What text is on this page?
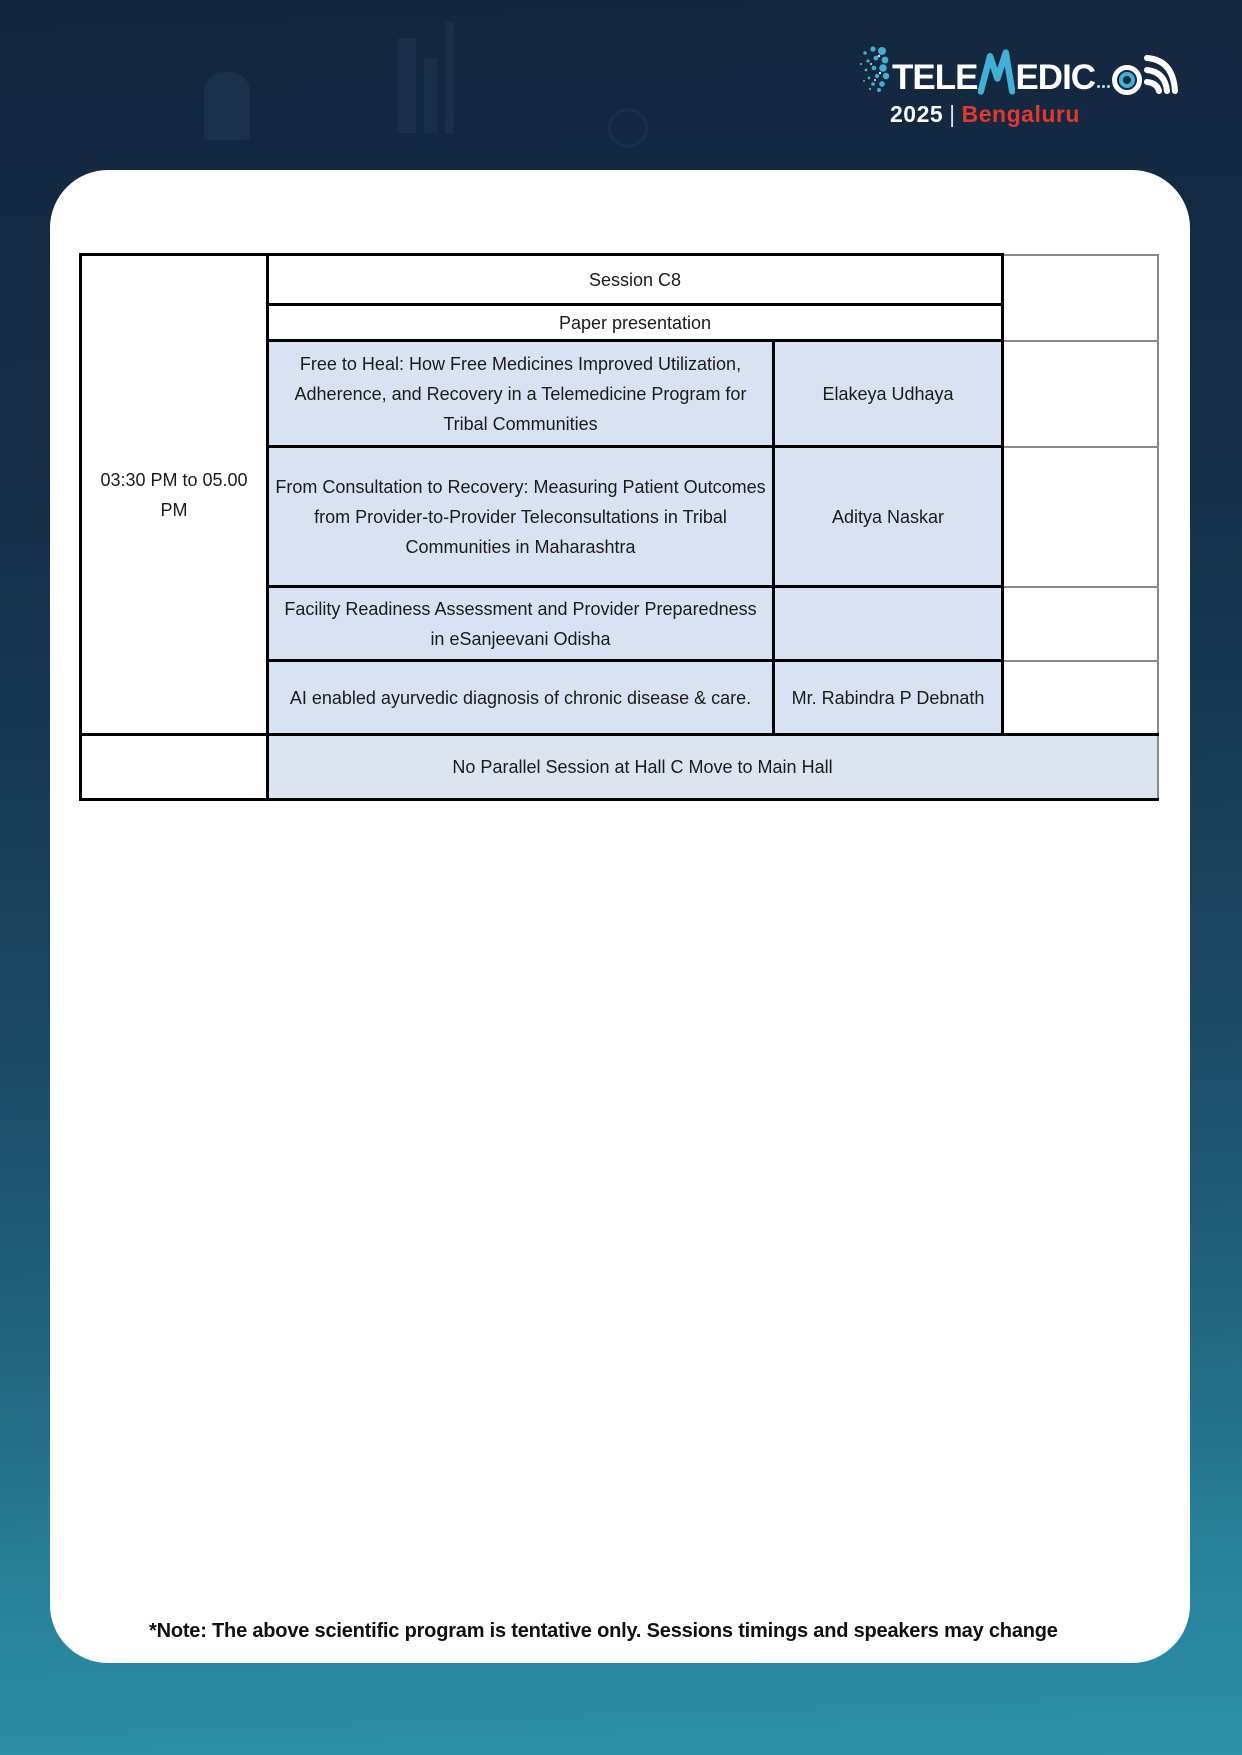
TELE EDIC
2025 | Bengaluru
03:30 PM to 05.00 PM	Session C8		
	Paper presentation		
	Free to Heal: How Free Medicines Improved Utilization, Adherence, and Recovery in a Telemedicine Program for Tribal Communities	Elakeya Udhaya	
	From Consultation to Recovery: Measuring Patient Outcomes from Provider-to-Provider Teleconsultations in Tribal Communities in Maharashtra	Aditya Naskar	
	Facility Readiness Assessment and Provider Preparedness in eSanjeevani Odisha		
	AI enabled ayurvedic diagnosis of chronic disease & care.	Mr. Rabindra P Debnath	

	No Parallel Session at Hall C Move to Main Hall		
*Note: The above scientific program is tentative only. Sessions timings and speakers may change
